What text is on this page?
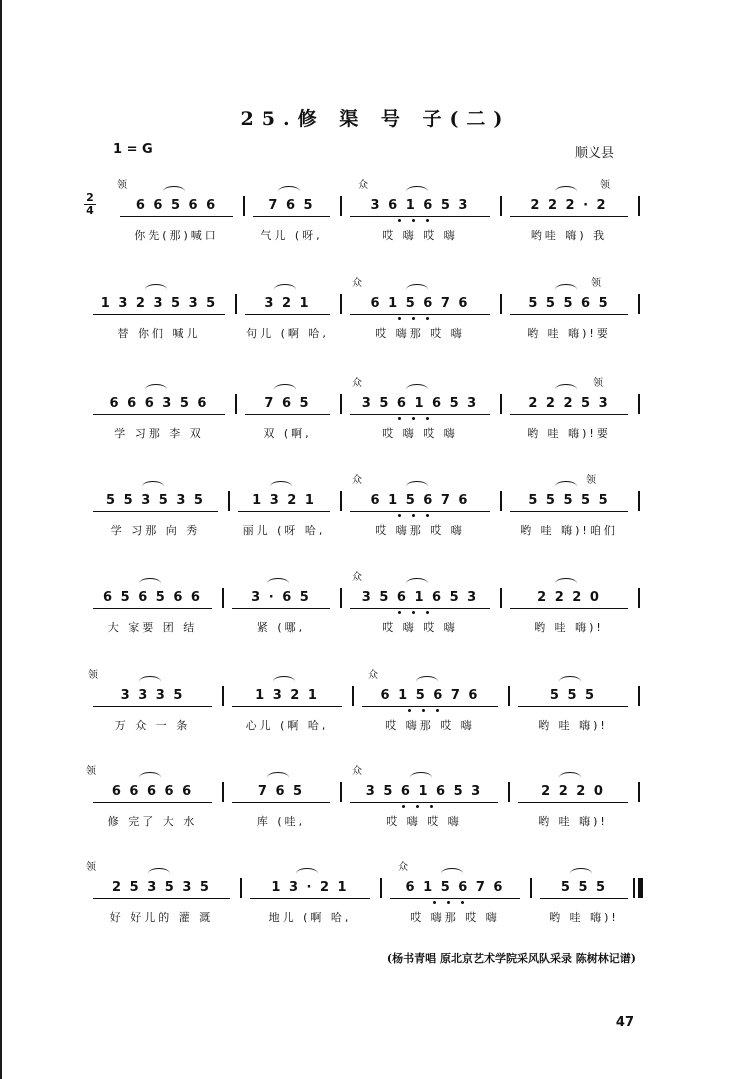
25.修 渠 号 子(二)
1 = G	顺义县
2
4	6 6 5 6 6
你先(那)喊口
7 6 5
气儿 (呀,
3 6 1 6 5 3
哎 嗨 哎 嗨
2 2 2 · 2
哟哇 嗨) 我
领	众	领
1 3 2 3 5 3 5
替 你们 喊儿
3 2 1
句儿 (啊 哈,
6 1 5 6 7 6
哎 嗨那 哎 嗨
5 5 5 6 5
哟 哇 嗨)!要
众	领
6 6 6 3 5 6
学 习那 李 双
7 6 5
双 (啊,
3 5 6 1 6 5 3
哎 嗨 哎 嗨
2 2 2 5 3
哟 哇 嗨)!要
众	领
5 5 3 5 3 5
学 习那 向 秀
1 3 2 1
丽儿 (呀 哈,
6 1 5 6 7 6
哎 嗨那 哎 嗨
5 5 5 5 5
哟 哇 嗨)!咱们
众	领
6 5 6 5 6 6
大 家要 团 结
3 · 6 5
紧 (哪,
3 5 6 1 6 5 3
哎 嗨 哎 嗨
2 2 2 0
哟 哇 嗨)!
众
3 3 3 5
万 众 一 条
1 3 2 1
心儿 (啊 哈,
6 1 5 6 7 6
哎 嗨那 哎 嗨
5 5 5
哟 哇 嗨)!
领	众
6 6 6 6 6
修 完了 大 水
7 6 5
库 (哇,
3 5 6 1 6 5 3
哎 嗨 哎 嗨
2 2 2 0
哟 哇 嗨)!
领	众
2 5 3 5 3 5
好 好儿的 灌 溉
1 3 · 2 1
地儿 (啊 哈,
6 1 5 6 7 6
哎 嗨那 哎 嗨
5 5 5
哟 哇 嗨)!
领	众
(杨书青唱 原北京艺术学院采风队采录 陈树林记谱)
47
